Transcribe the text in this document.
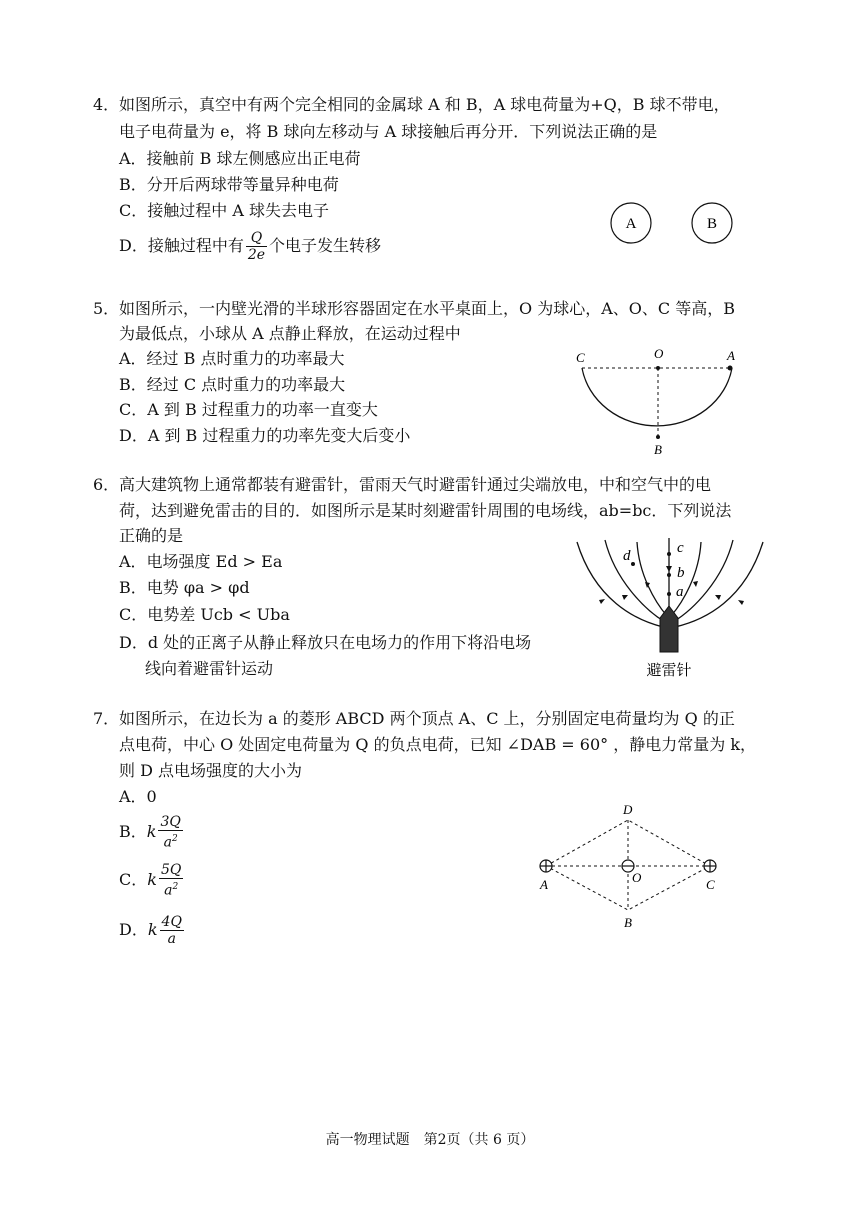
4． 如图所示，真空中有两个完全相同的金属球 A 和 B，A 球电荷量为+Q，B 球不带电，
电子电荷量为 e，将 B 球向左移动与 A 球接触后再分开．下列说法正确的是
A．接触前 B 球左侧感应出正电荷
B．分开后两球带等量异种电荷
C．接触过程中 A 球失去电子
D．接触过程中有 $\frac{Q}{2e}$ 个电子发生转移
A	B
5． 如图所示，一内壁光滑的半球形容器固定在水平桌面上，O 为球心，A、O、C 等高，B
为最低点，小球从 A 点静止释放，在运动过程中
A．经过 B 点时重力的功率最大
B．经过 C 点时重力的功率最大
C．A 到 B 过程重力的功率一直变大
D．A 到 B 过程重力的功率先变大后变小
C	O	A
B
6． 高大建筑物上通常都装有避雷针，雷雨天气时避雷针通过尖端放电，中和空气中的电
荷，达到避免雷击的目的．如图所示是某时刻避雷针周围的电场线，ab=bc．下列说法
正确的是
A．电场强度 Ed > Ea
B．电势 φa > φd
C．电势差 Ucb < Uba
D．d 处的正离子从静止释放只在电场力的作用下将沿电场
线向着避雷针运动
c
b
a
d
避雷针
7． 如图所示，在边长为 a 的菱形 ABCD 两个顶点 A、C 上，分别固定电荷量均为 Q 的正
点电荷，中心 O 处固定电荷量为 Q 的负点电荷，已知 ∠DAB = 60° ，静电力常量为 k，
则 D 点电场强度的大小为
A．0
B．k $\frac{3Q}{a^2}$
C．k $\frac{5Q}{a^2}$
D．k $\frac{4Q}{a}$
D
A	O	C
B
高一物理试题　第2页（共 6 页）
